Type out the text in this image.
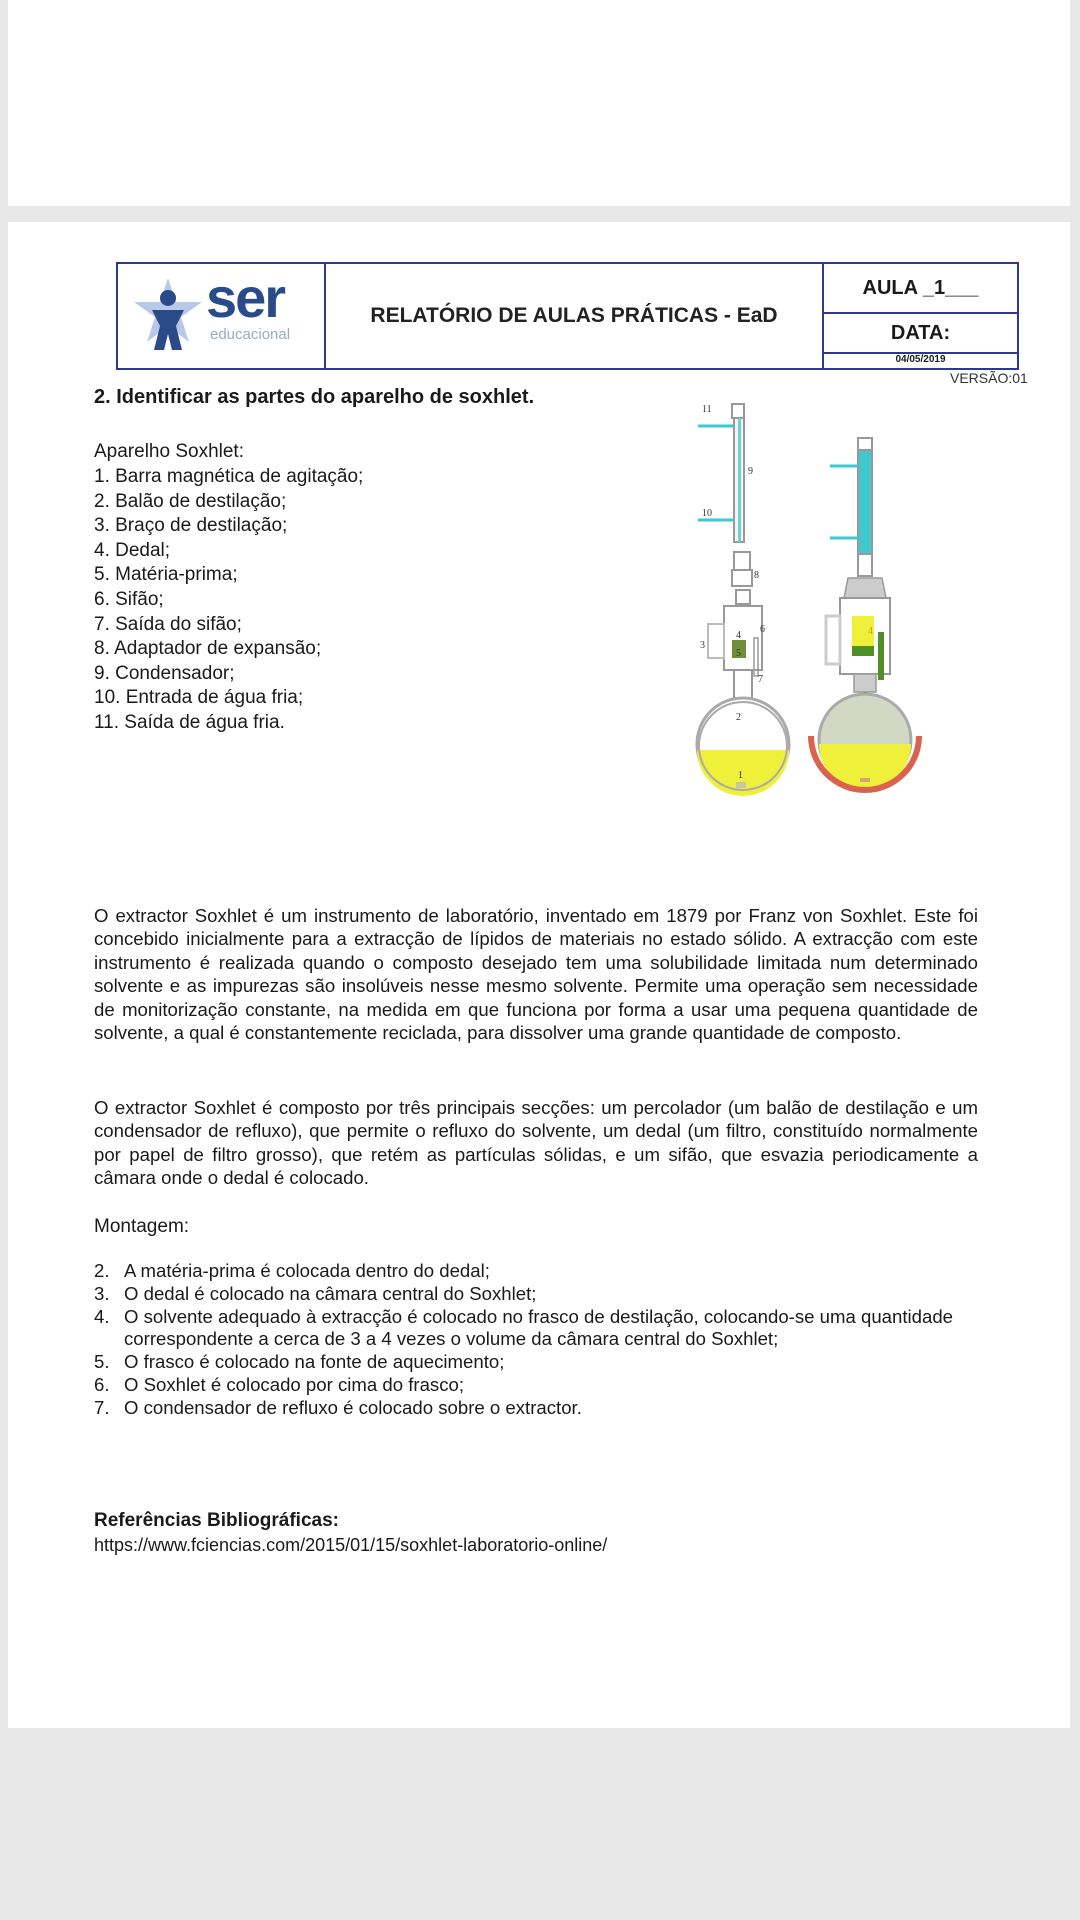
ser
educacional
RELATÓRIO DE AULAS PRÁTICAS - EaD
AULA _1___
DATA:
04/05/2019
VERSÃO:01
2. Identificar as partes do aparelho de soxhlet.
Aparelho Soxhlet:
1. Barra magnética de agitação;
2. Balão de destilação;
3. Braço de destilação;
4. Dedal;
5. Matéria-prima;
6. Sifão;
7. Saída do sifão;
8. Adaptador de expansão;
9. Condensador;
10. Entrada de água fria;
11. Saída de água fria.
11
9
10
8
6
4
3
5
7
2
1
4

O extractor Soxhlet é um instrumento de laboratório, inventado em 1879 por Franz von Soxhlet. Este foi concebido inicialmente para a extracção de lípidos de materiais no estado sólido. A extracção com este instrumento é realizada quando o composto desejado tem uma solubilidade limitada num determinado solvente e as impurezas são insolúveis nesse mesmo solvente. Permite uma operação sem necessidade de monitorização constante, na medida em que funciona por forma a usar uma pequena quantidade de solvente, a qual é constantemente reciclada, para dissolver uma grande quantidade de composto.

O extractor Soxhlet é composto por três principais secções: um percolador (um balão de destilação e um condensador de refluxo), que permite o refluxo do solvente, um dedal (um filtro, constituído normalmente por papel de filtro grosso), que retém as partículas sólidas, e um sifão, que esvazia periodicamente a câmara onde o dedal é colocado.

Montagem:
2. A matéria-prima é colocada dentro do dedal;
3. O dedal é colocado na câmara central do Soxhlet;
4. O solvente adequado à extracção é colocado no frasco de destilação, colocando-se uma quantidade correspondente a cerca de 3 a 4 vezes o volume da câmara central do Soxhlet;
5. O frasco é colocado na fonte de aquecimento;
6. O Soxhlet é colocado por cima do frasco;
7. O condensador de refluxo é colocado sobre o extractor.
Referências Bibliográficas:
https://www.fciencias.com/2015/01/15/soxhlet-laboratorio-online/
